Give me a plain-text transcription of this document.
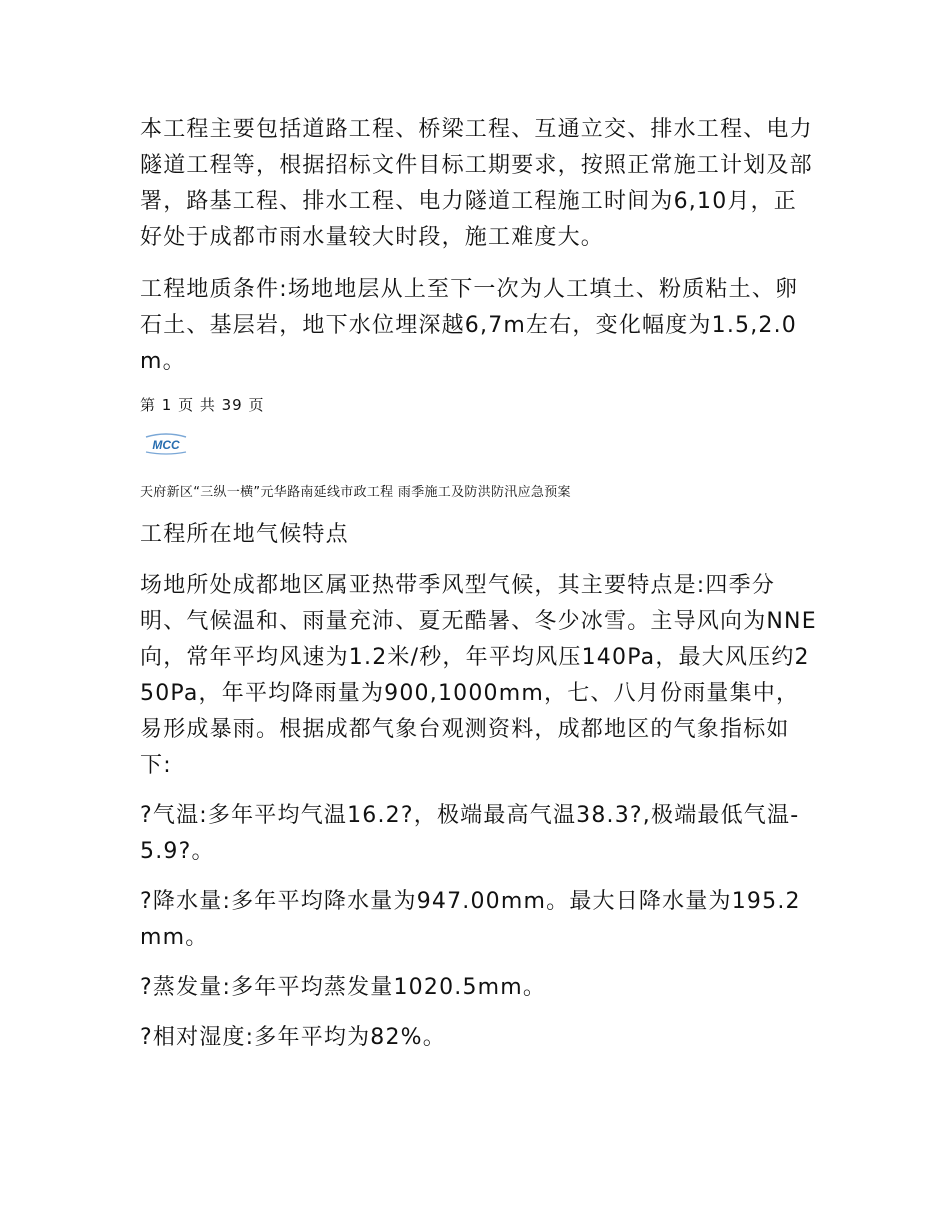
本工程主要包括道路工程、桥梁工程、互通立交、排水工程、电力隧道工程等，根据招标文件目标工期要求，按照正常施工计划及部署，路基工程、排水工程、电力隧道工程施工时间为6,10月，正好处于成都市雨水量较大时段，施工难度大。

工程地质条件:场地地层从上至下一次为人工填土、粉质粘土、卵石土、基层岩，地下水位埋深越6,7m左右，变化幅度为1.5,2.0m。

第 1 页 共 39 页
MCC
天府新区“三纵一横”元华路南延线市政工程 雨季施工及防洪防汛应急预案
工程所在地气候特点

场地所处成都地区属亚热带季风型气候，其主要特点是:四季分明、气候温和、雨量充沛、夏无酷暑、冬少冰雪。主导风向为NNE向，常年平均风速为1.2米/秒，年平均风压140Pa，最大风压约250Pa，年平均降雨量为900,1000mm，七、八月份雨量集中，易形成暴雨。根据成都气象台观测资料，成都地区的气象指标如下:

?气温:多年平均气温16.2?，极端最高气温38.3?,极端最低气温-5.9?。

?降水量:多年平均降水量为947.00mm。最大日降水量为195.2mm。

?蒸发量:多年平均蒸发量1020.5mm。

?相对湿度:多年平均为82%。
